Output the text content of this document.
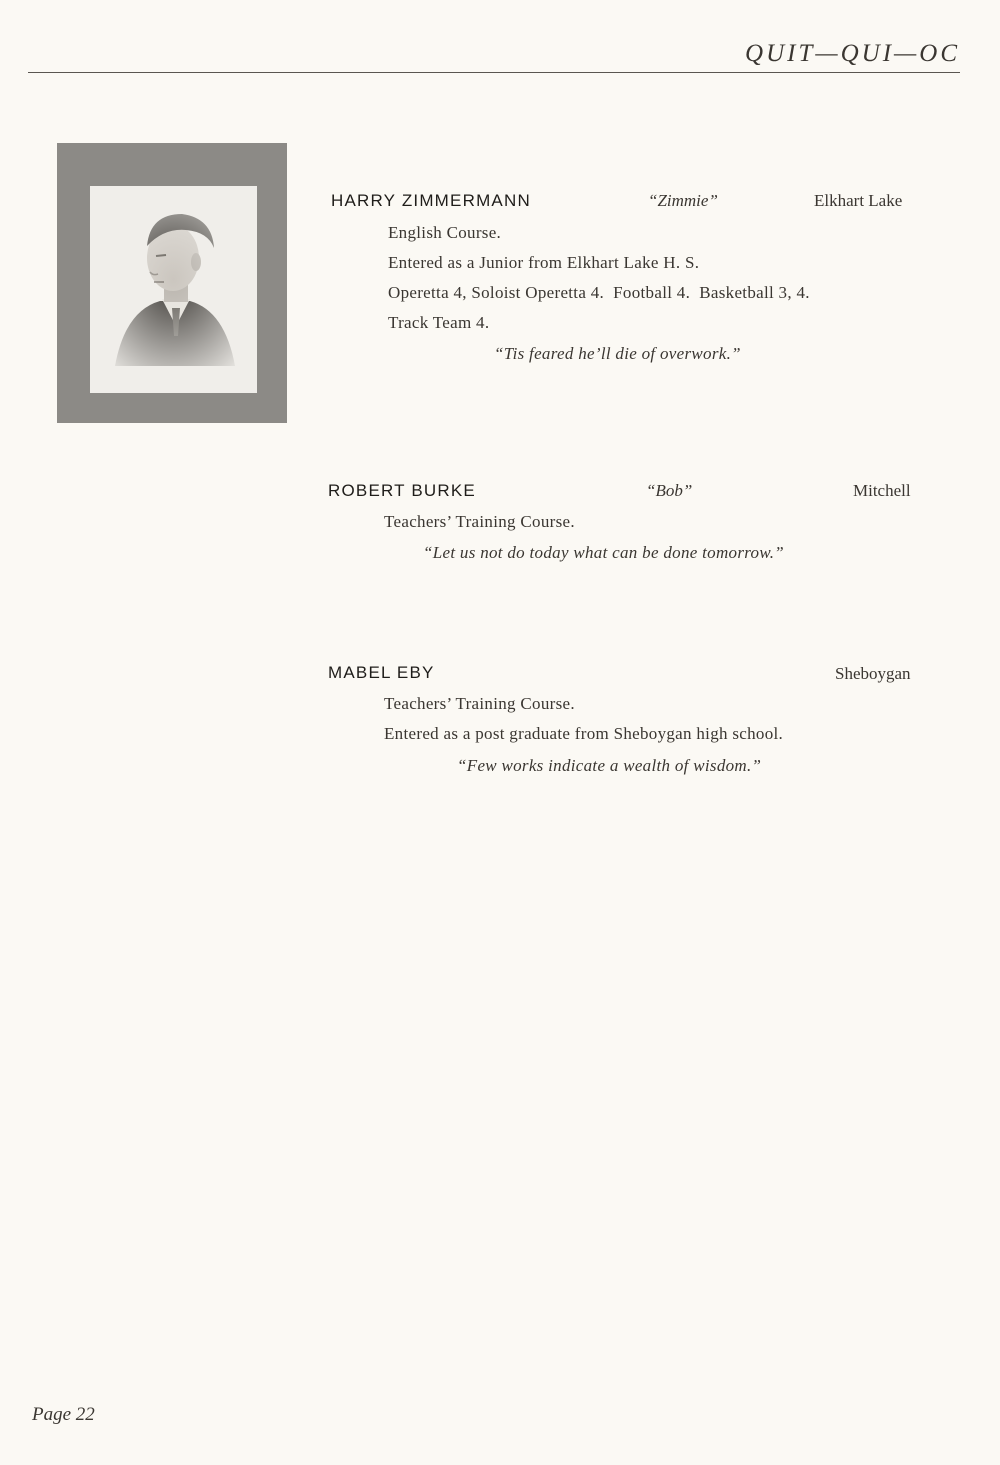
QUIT—QUI—OC
HARRY ZIMMERMANN	“Zimmie”	Elkhart Lake
English Course.
Entered as a Junior from Elkhart Lake H. S.
Operetta 4, Soloist Operetta 4.  Football 4.  Basketball 3, 4.
Track Team 4.
“Tis feared he’ll die of overwork.”
ROBERT BURKE	“Bob”	Mitchell
Teachers’ Training Course.
“Let us not do today what can be done tomorrow.”
MABEL EBY	Sheboygan
Teachers’ Training Course.
Entered as a post graduate from Sheboygan high school.
“Few works indicate a wealth of wisdom.”
Page 22
